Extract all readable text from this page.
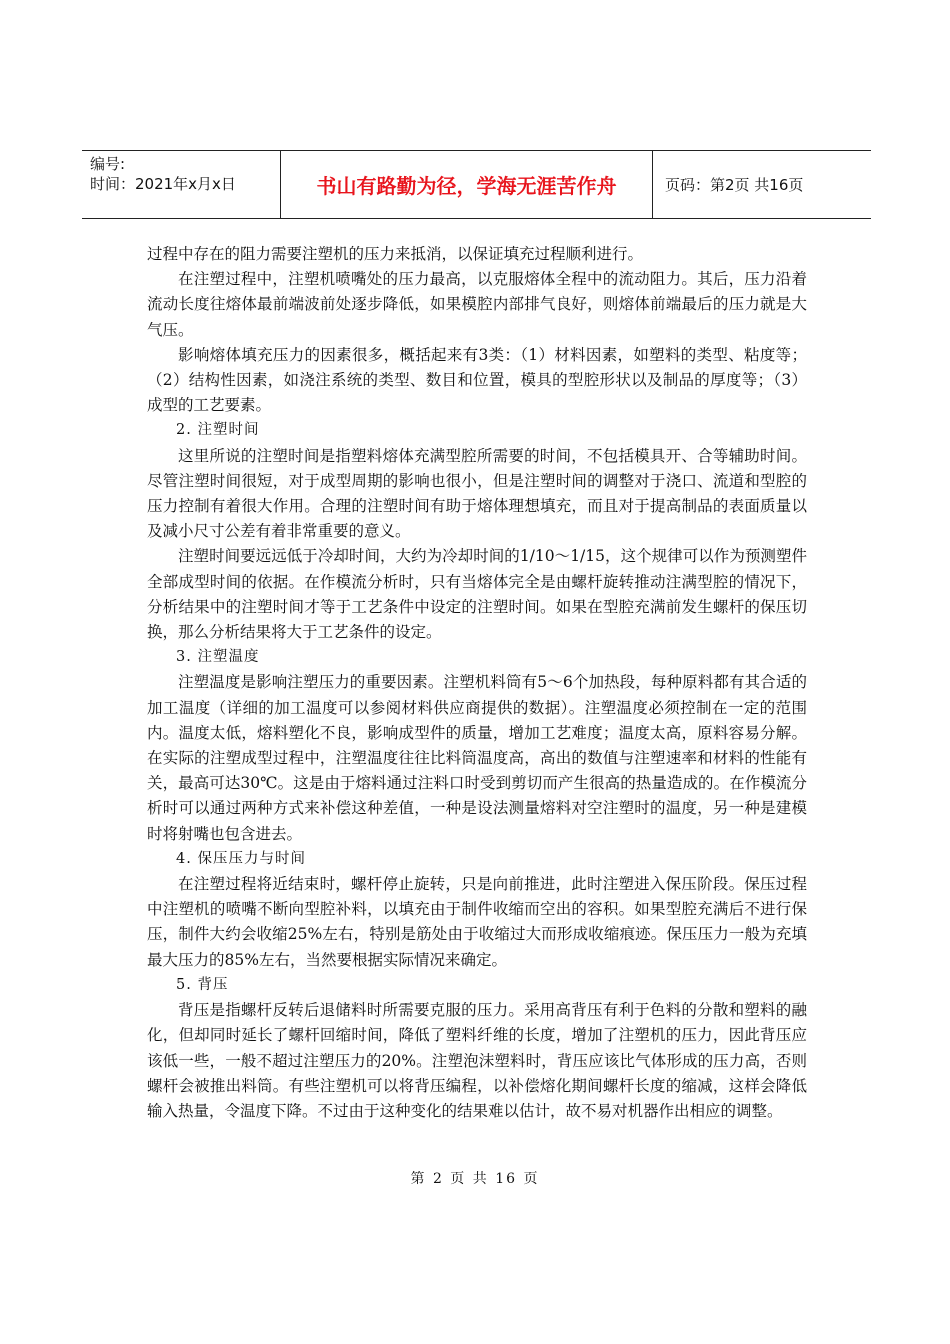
编号:
时间：2021年x月x日	书山有路勤为径，学海无涯苦作舟	页码：第2页 共16页

过程中存在的阻力需要注塑机的压力来抵消，以保证填充过程顺利进行。

在注塑过程中，注塑机喷嘴处的压力最高，以克服熔体全程中的流动阻力。其后，压力沿着流动长度往熔体最前端波前处逐步降低，如果模腔内部排气良好，则熔体前端最后的压力就是大气压。

影响熔体填充压力的因素很多，概括起来有3类：（1）材料因素，如塑料的类型、粘度等；（2）结构性因素，如浇注系统的类型、数目和位置，模具的型腔形状以及制品的厚度等；（3）成型的工艺要素。

2. 注塑时间

这里所说的注塑时间是指塑料熔体充满型腔所需要的时间，不包括模具开、合等辅助时间。尽管注塑时间很短，对于成型周期的影响也很小，但是注塑时间的调整对于浇口、流道和型腔的压力控制有着很大作用。合理的注塑时间有助于熔体理想填充，而且对于提高制品的表面质量以及减小尺寸公差有着非常重要的意义。

注塑时间要远远低于冷却时间，大约为冷却时间的1/10～1/15，这个规律可以作为预测塑件全部成型时间的依据。在作模流分析时，只有当熔体完全是由螺杆旋转推动注满型腔的情况下，分析结果中的注塑时间才等于工艺条件中设定的注塑时间。如果在型腔充满前发生螺杆的保压切换，那么分析结果将大于工艺条件的设定。

3. 注塑温度

注塑温度是影响注塑压力的重要因素。注塑机料筒有5～6个加热段，每种原料都有其合适的加工温度（详细的加工温度可以参阅材料供应商提供的数据）。注塑温度必须控制在一定的范围内。温度太低，熔料塑化不良，影响成型件的质量，增加工艺难度；温度太高，原料容易分解。在实际的注塑成型过程中，注塑温度往往比料筒温度高，高出的数值与注塑速率和材料的性能有关，最高可达30℃。这是由于熔料通过注料口时受到剪切而产生很高的热量造成的。在作模流分析时可以通过两种方式来补偿这种差值，一种是设法测量熔料对空注塑时的温度，另一种是建模时将射嘴也包含进去。

4. 保压压力与时间

在注塑过程将近结束时，螺杆停止旋转，只是向前推进，此时注塑进入保压阶段。保压过程中注塑机的喷嘴不断向型腔补料，以填充由于制件收缩而空出的容积。如果型腔充满后不进行保压，制件大约会收缩25%左右，特别是筋处由于收缩过大而形成收缩痕迹。保压压力一般为充填最大压力的85%左右，当然要根据实际情况来确定。

5. 背压

背压是指螺杆反转后退储料时所需要克服的压力。采用高背压有利于色料的分散和塑料的融化，但却同时延长了螺杆回缩时间，降低了塑料纤维的长度，增加了注塑机的压力，因此背压应该低一些，一般不超过注塑压力的20%。注塑泡沫塑料时，背压应该比气体形成的压力高，否则螺杆会被推出料筒。有些注塑机可以将背压编程，以补偿熔化期间螺杆长度的缩减，这样会降低输入热量，令温度下降。不过由于这种变化的结果难以估计，故不易对机器作出相应的调整。

第 2 页 共 16 页
